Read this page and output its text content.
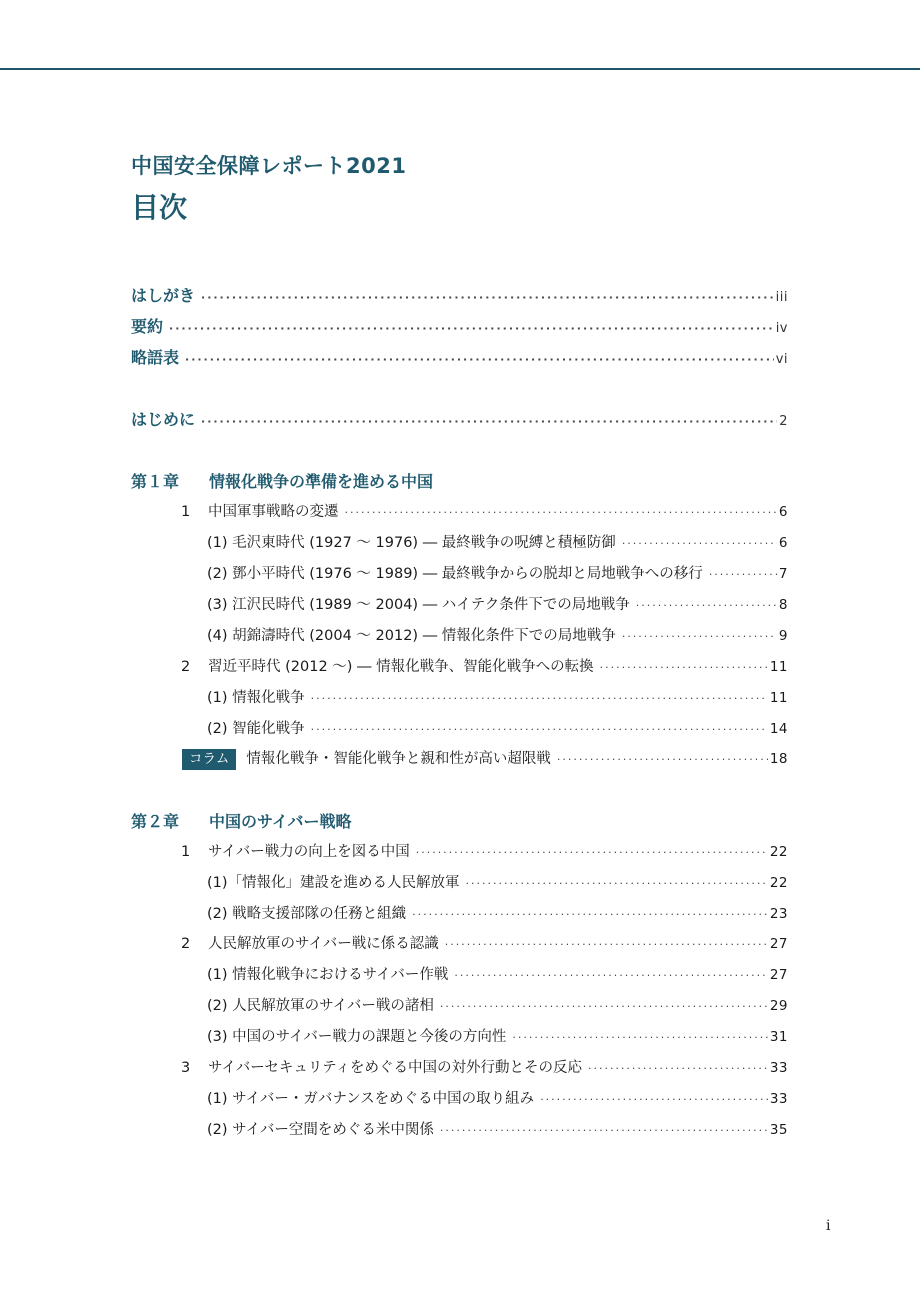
中国安全保障レポート2021
目次
はしがき ·····	iii
要約 ·····	iv
略語表 ·····	vi
はじめに ·····	2
第１章 情報化戦争の準備を進める中国
1	中国軍事戦略の変遷 ·····	6
(1) 毛沢東時代 (1927 ～ 1976) ― 最終戦争の呪縛と積極防御 ·····	6
(2) 鄧小平時代 (1976 ～ 1989) ― 最終戦争からの脱却と局地戦争への移行 ·····	7
(3) 江沢民時代 (1989 ～ 2004) ― ハイテク条件下での局地戦争 ·····	8
(4) 胡錦濤時代 (2004 ～ 2012) ― 情報化条件下での局地戦争 ·····	9
2	習近平時代 (2012 ～) ― 情報化戦争、智能化戦争への転換 ·····	11
(1) 情報化戦争 ·····	11
(2) 智能化戦争 ·····	14
コラム	情報化戦争・智能化戦争と親和性が高い超限戦 ·····	18
第２章 中国のサイバー戦略
1	サイバー戦力の向上を図る中国 ·····	22
(1)「情報化」建設を進める人民解放軍 ·····	22
(2) 戦略支援部隊の任務と組織 ·····	23
2	人民解放軍のサイバー戦に係る認識 ·····	27
(1) 情報化戦争におけるサイバー作戦 ·····	27
(2) 人民解放軍のサイバー戦の諸相 ·····	29
(3) 中国のサイバー戦力の課題と今後の方向性 ·····	31
3	サイバーセキュリティをめぐる中国の対外行動とその反応 ·····	33
(1) サイバー・ガバナンスをめぐる中国の取り組み ·····	33
(2) サイバー空間をめぐる米中関係 ·····	35
i
